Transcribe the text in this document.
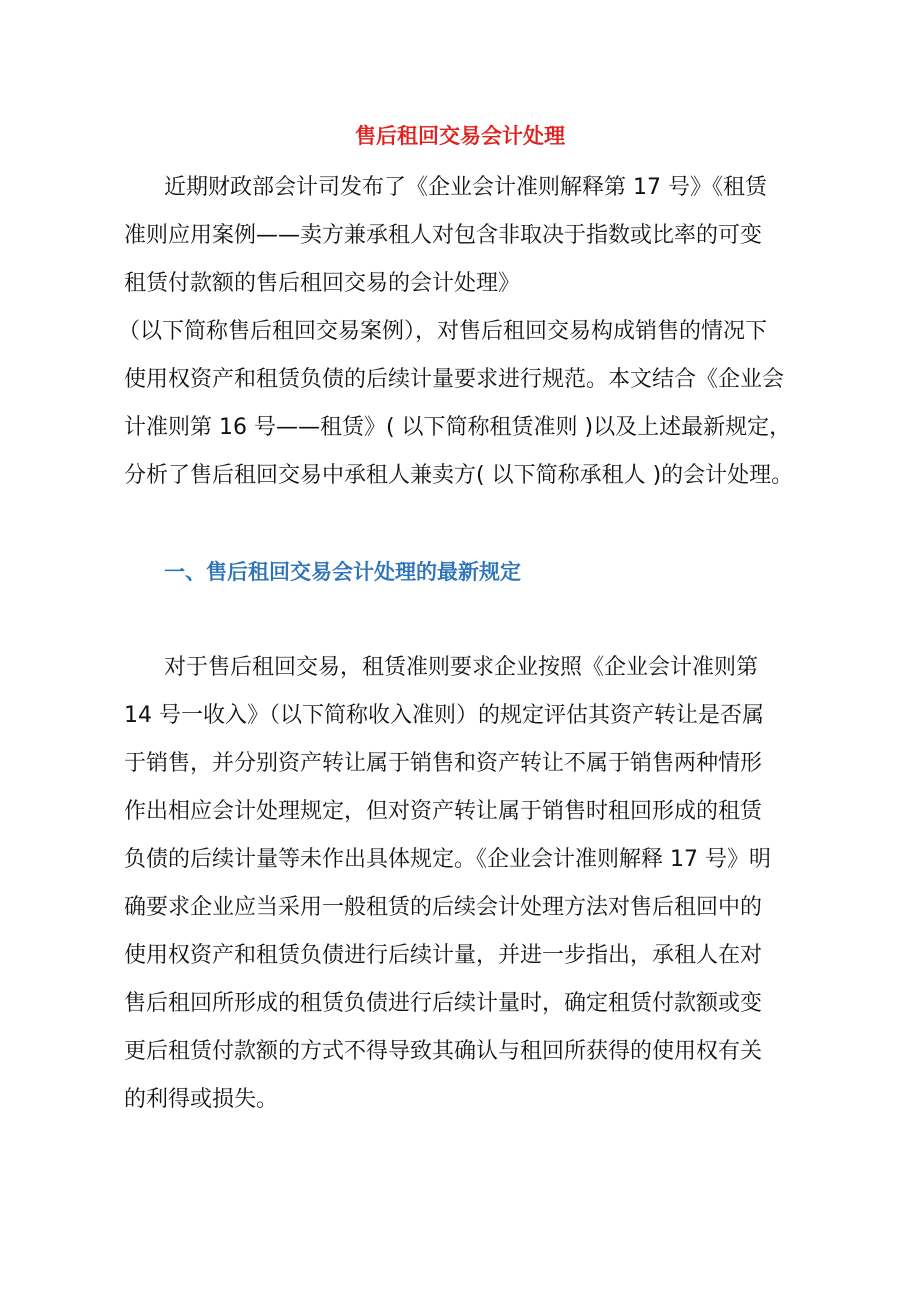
售后租回交易会计处理

近期财政部会计司发布了《企业会计准则解释第 17 号》《租赁
准则应用案例——卖方兼承租人对包含非取决于指数或比率的可变
租赁付款额的售后租回交易的会计处理》
（以下简称售后租回交易案例），对售后租回交易构成销售的情况下
使用权资产和租赁负债的后续计量要求进行规范。本文结合《企业会
计准则第 16 号——租赁》( 以下简称租赁准则 )以及上述最新规定，
分析了售后租回交易中承租人兼卖方( 以下简称承租人 )的会计处理。

一、售后租回交易会计处理的最新规定

对于售后租回交易，租赁准则要求企业按照《企业会计准则第
14 号一收入》（以下简称收入准则）的规定评估其资产转让是否属
于销售，并分别资产转让属于销售和资产转让不属于销售两种情形
作出相应会计处理规定，但对资产转让属于销售时租回形成的租赁
负债的后续计量等未作出具体规定。《企业会计准则解释 17 号》明
确要求企业应当采用一般租赁的后续会计处理方法对售后租回中的
使用权资产和租赁负债进行后续计量，并进一步指出，承租人在对
售后租回所形成的租赁负债进行后续计量时，确定租赁付款额或变
更后租赁付款额的方式不得导致其确认与租回所获得的使用权有关
的利得或损失。
